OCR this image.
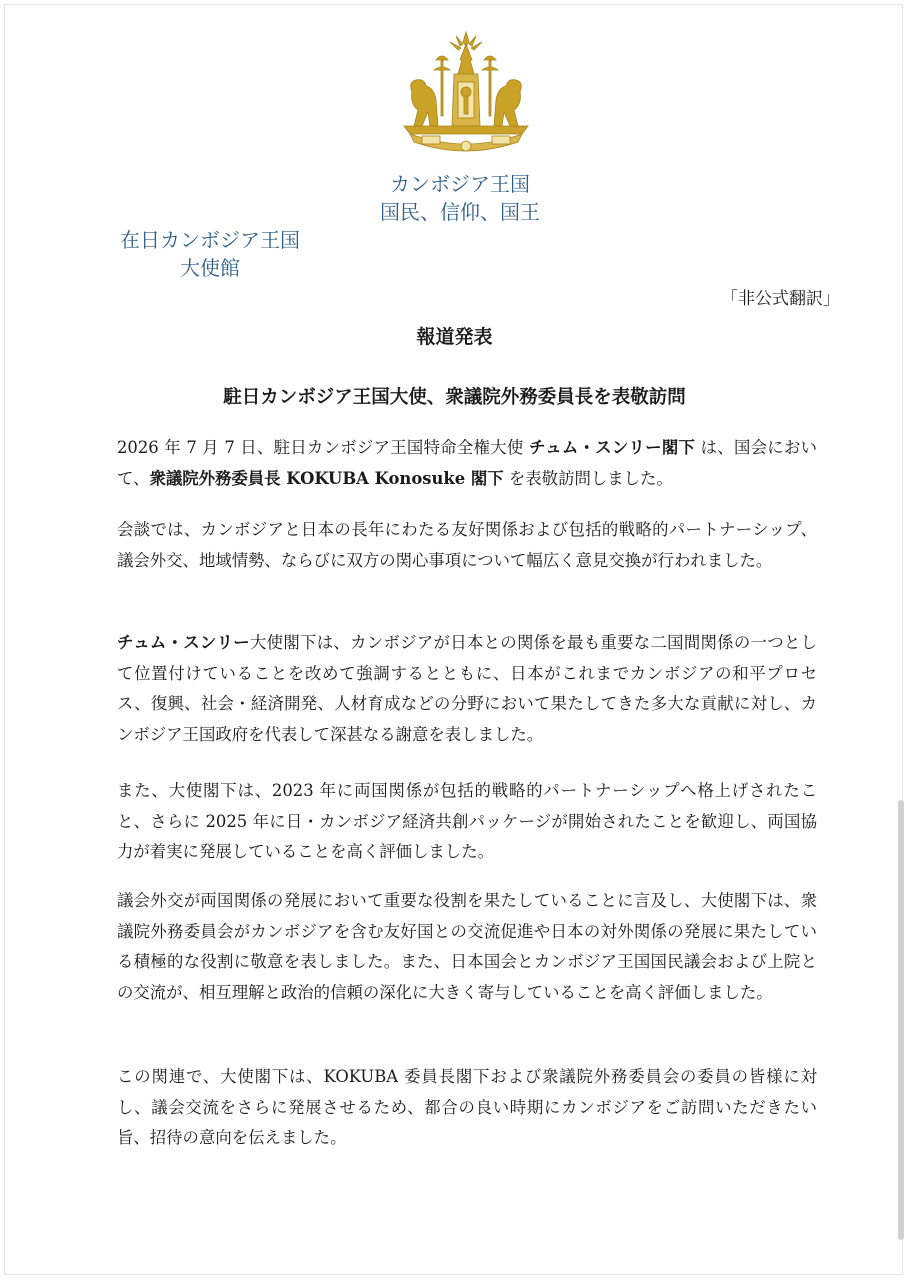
カンボジア王国
国民、信仰、国王
在日カンボジア王国
大使館
「非公式翻訳」
報道発表
駐日カンボジア王国大使、衆議院外務委員長を表敬訪問

2026 年 7 月 7 日、駐日カンボジア王国特命全権大使 チュム・スンリー閣下 は、国会において、衆議院外務委員長 KOKUBA Konosuke 閣下 を表敬訪問しました。

会談では、カンボジアと日本の長年にわたる友好関係および包括的戦略的パートナーシップ、議会外交、地域情勢、ならびに双方の関心事項について幅広く意見交換が行われました。

チュム・スンリー大使閣下は、カンボジアが日本との関係を最も重要な二国間関係の一つとして位置付けていることを改めて強調するとともに、日本がこれまでカンボジアの和平プロセス、復興、社会・経済開発、人材育成などの分野において果たしてきた多大な貢献に対し、カンボジア王国政府を代表して深甚なる謝意を表しました。

また、大使閣下は、2023 年に両国関係が包括的戦略的パートナーシップへ格上げされたこと、さらに 2025 年に日・カンボジア経済共創パッケージが開始されたことを歓迎し、両国協力が着実に発展していることを高く評価しました。

議会外交が両国関係の発展において重要な役割を果たしていることに言及し、大使閣下は、衆議院外務委員会がカンボジアを含む友好国との交流促進や日本の対外関係の発展に果たしている積極的な役割に敬意を表しました。また、日本国会とカンボジア王国国民議会および上院との交流が、相互理解と政治的信頼の深化に大きく寄与していることを高く評価しました。

この関連で、大使閣下は、KOKUBA 委員長閣下および衆議院外務委員会の委員の皆様に対し、議会交流をさらに発展させるため、都合の良い時期にカンボジアをご訪問いただきたい旨、招待の意向を伝えました。
